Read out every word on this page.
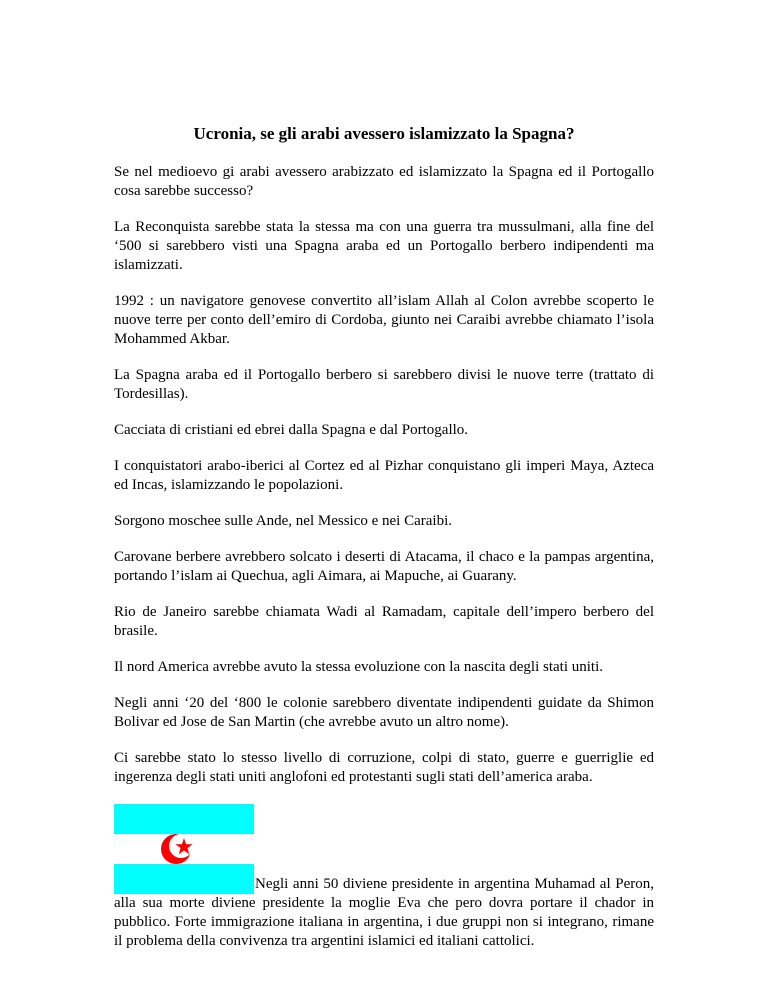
Ucronia, se gli arabi avessero islamizzato la Spagna?

Se nel medioevo gi arabi avessero arabizzato ed islamizzato la Spagna ed il Portogallo cosa sarebbe successo?

La Reconquista sarebbe stata la stessa ma con una guerra tra mussulmani, alla fine del ‘500 si sarebbero visti una Spagna araba ed un Portogallo berbero indipendenti ma islamizzati.

1992 : un navigatore genovese convertito all’islam Allah al Colon avrebbe scoperto le nuove terre per conto dell’emiro di Cordoba, giunto nei Caraibi avrebbe chiamato l’isola Mohammed Akbar.

La Spagna araba ed il Portogallo berbero si sarebbero divisi le nuove terre (trattato di Tordesillas).

Cacciata di cristiani ed ebrei dalla Spagna e dal Portogallo.

I conquistatori arabo-iberici al Cortez ed al Pizhar conquistano gli imperi Maya, Azteca ed Incas, islamizzando le popolazioni.

Sorgono moschee sulle Ande, nel Messico e nei Caraibi.

Carovane berbere avrebbero solcato i deserti di Atacama, il chaco e la pampas argentina, portando l’islam ai Quechua, agli Aimara, ai Mapuche, ai Guarany.

Rio de Janeiro sarebbe chiamata Wadi al Ramadam, capitale dell’impero berbero del brasile.

Il nord America avrebbe avuto la stessa evoluzione con la nascita degli stati uniti.

Negli anni ‘20 del ‘800 le colonie sarebbero diventate indipendenti guidate da Shimon Bolivar ed Jose de San Martin (che avrebbe avuto un altro nome).

Ci sarebbe stato lo stesso livello di corruzione, colpi di stato, guerre e guerriglie ed ingerenza degli stati uniti anglofoni ed protestanti sugli stati dell’america araba.

Negli anni 50 diviene presidente in argentina Muhamad al Peron, alla sua morte diviene presidente la moglie Eva che pero dovra portare il chador in pubblico. Forte immigrazione italiana in argentina, i due gruppi non si integrano, rimane il problema della convivenza tra argentini islamici ed italiani cattolici.
